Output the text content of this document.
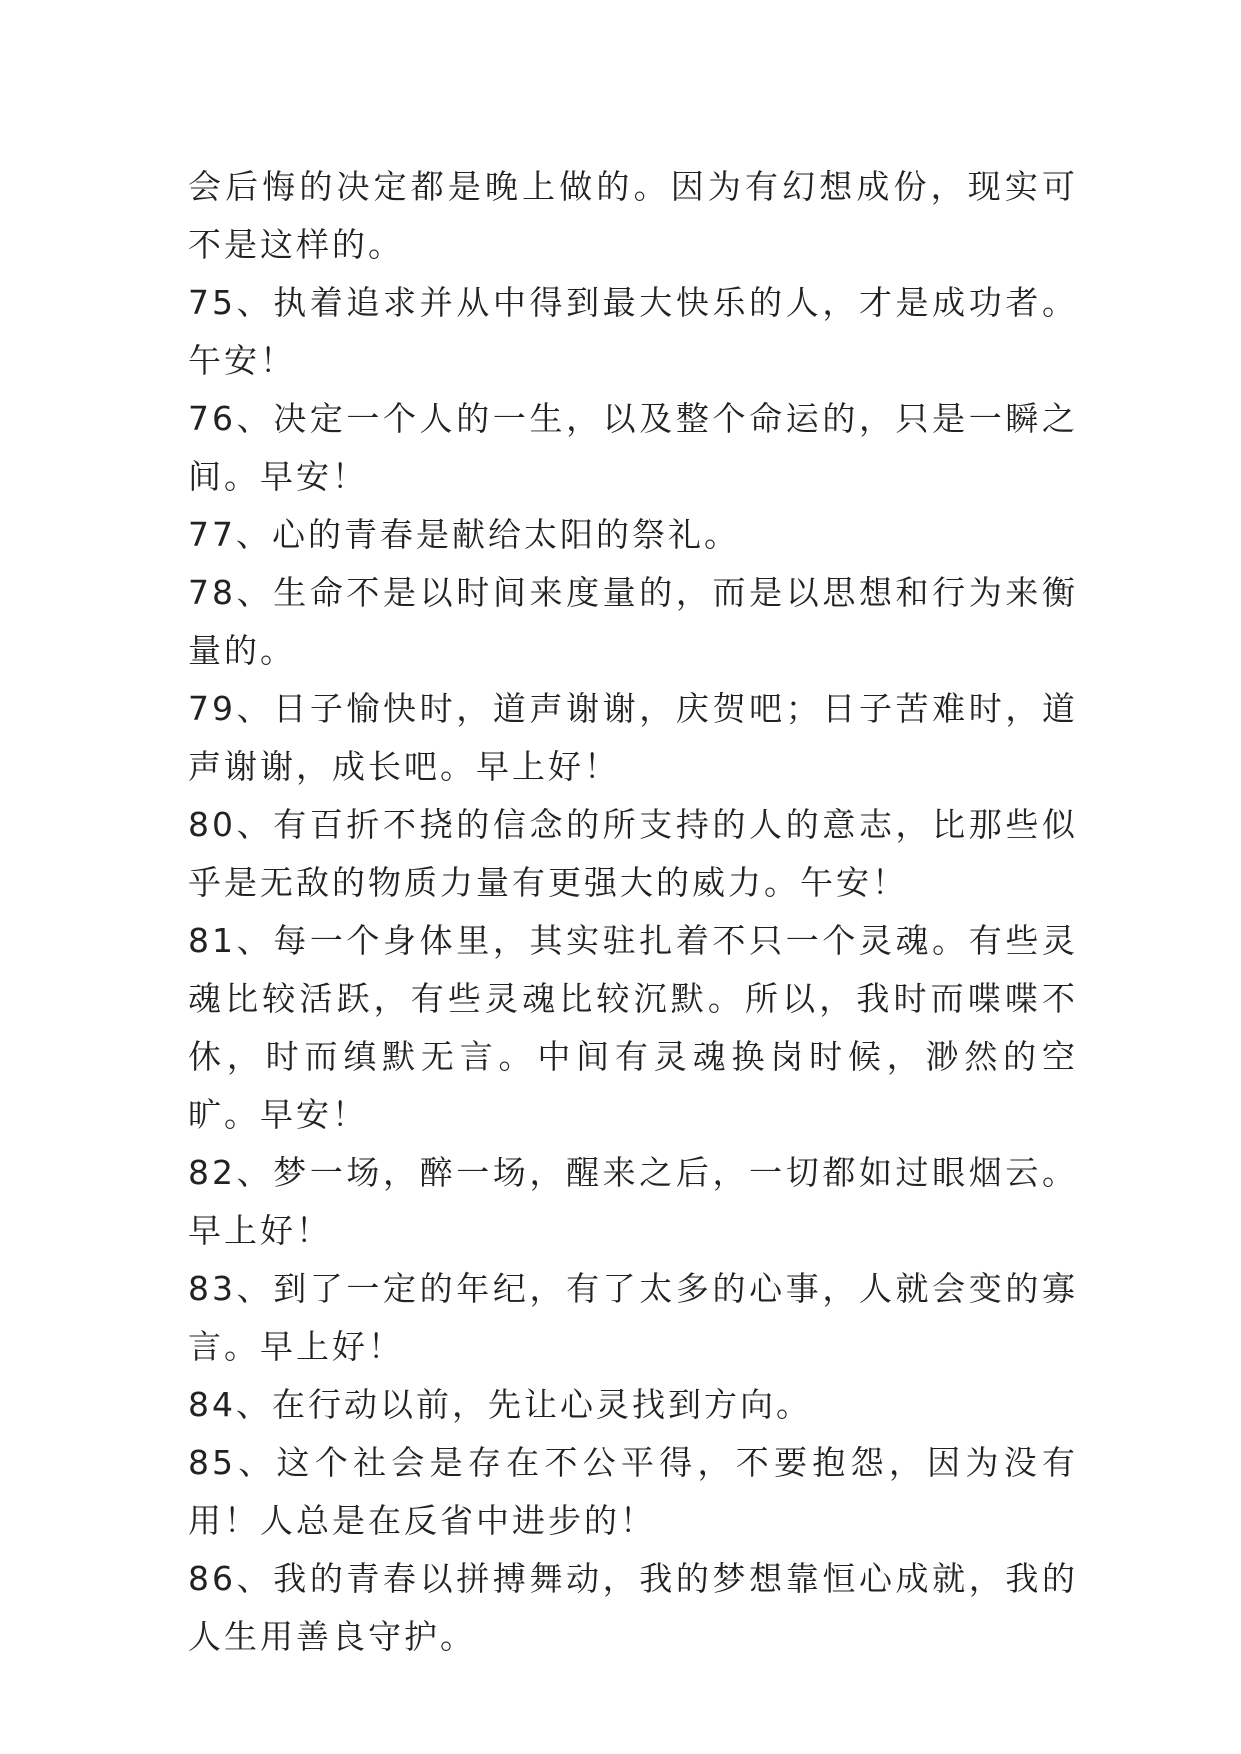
会后悔的决定都是晚上做的。因为有幻想成份，现实可不是这样的。

75、执着追求并从中得到最大快乐的人，才是成功者。午安！

76、决定一个人的一生，以及整个命运的，只是一瞬之间。早安！

77、心的青春是献给太阳的祭礼。

78、生命不是以时间来度量的，而是以思想和行为来衡量的。

79、日子愉快时，道声谢谢，庆贺吧；日子苦难时，道声谢谢，成长吧。早上好！

80、有百折不挠的信念的所支持的人的意志，比那些似乎是无敌的物质力量有更强大的威力。午安！

81、每一个身体里，其实驻扎着不只一个灵魂。有些灵魂比较活跃，有些灵魂比较沉默。所以，我时而喋喋不休，时而缜默无言。中间有灵魂换岗时候，渺然的空旷。早安！

82、梦一场，醉一场，醒来之后，一切都如过眼烟云。早上好！

83、到了一定的年纪，有了太多的心事，人就会变的寡言。早上好！

84、在行动以前，先让心灵找到方向。

85、这个社会是存在不公平得，不要抱怨，因为没有用！人总是在反省中进步的！

86、我的青春以拼搏舞动，我的梦想靠恒心成就，我的人生用善良守护。
